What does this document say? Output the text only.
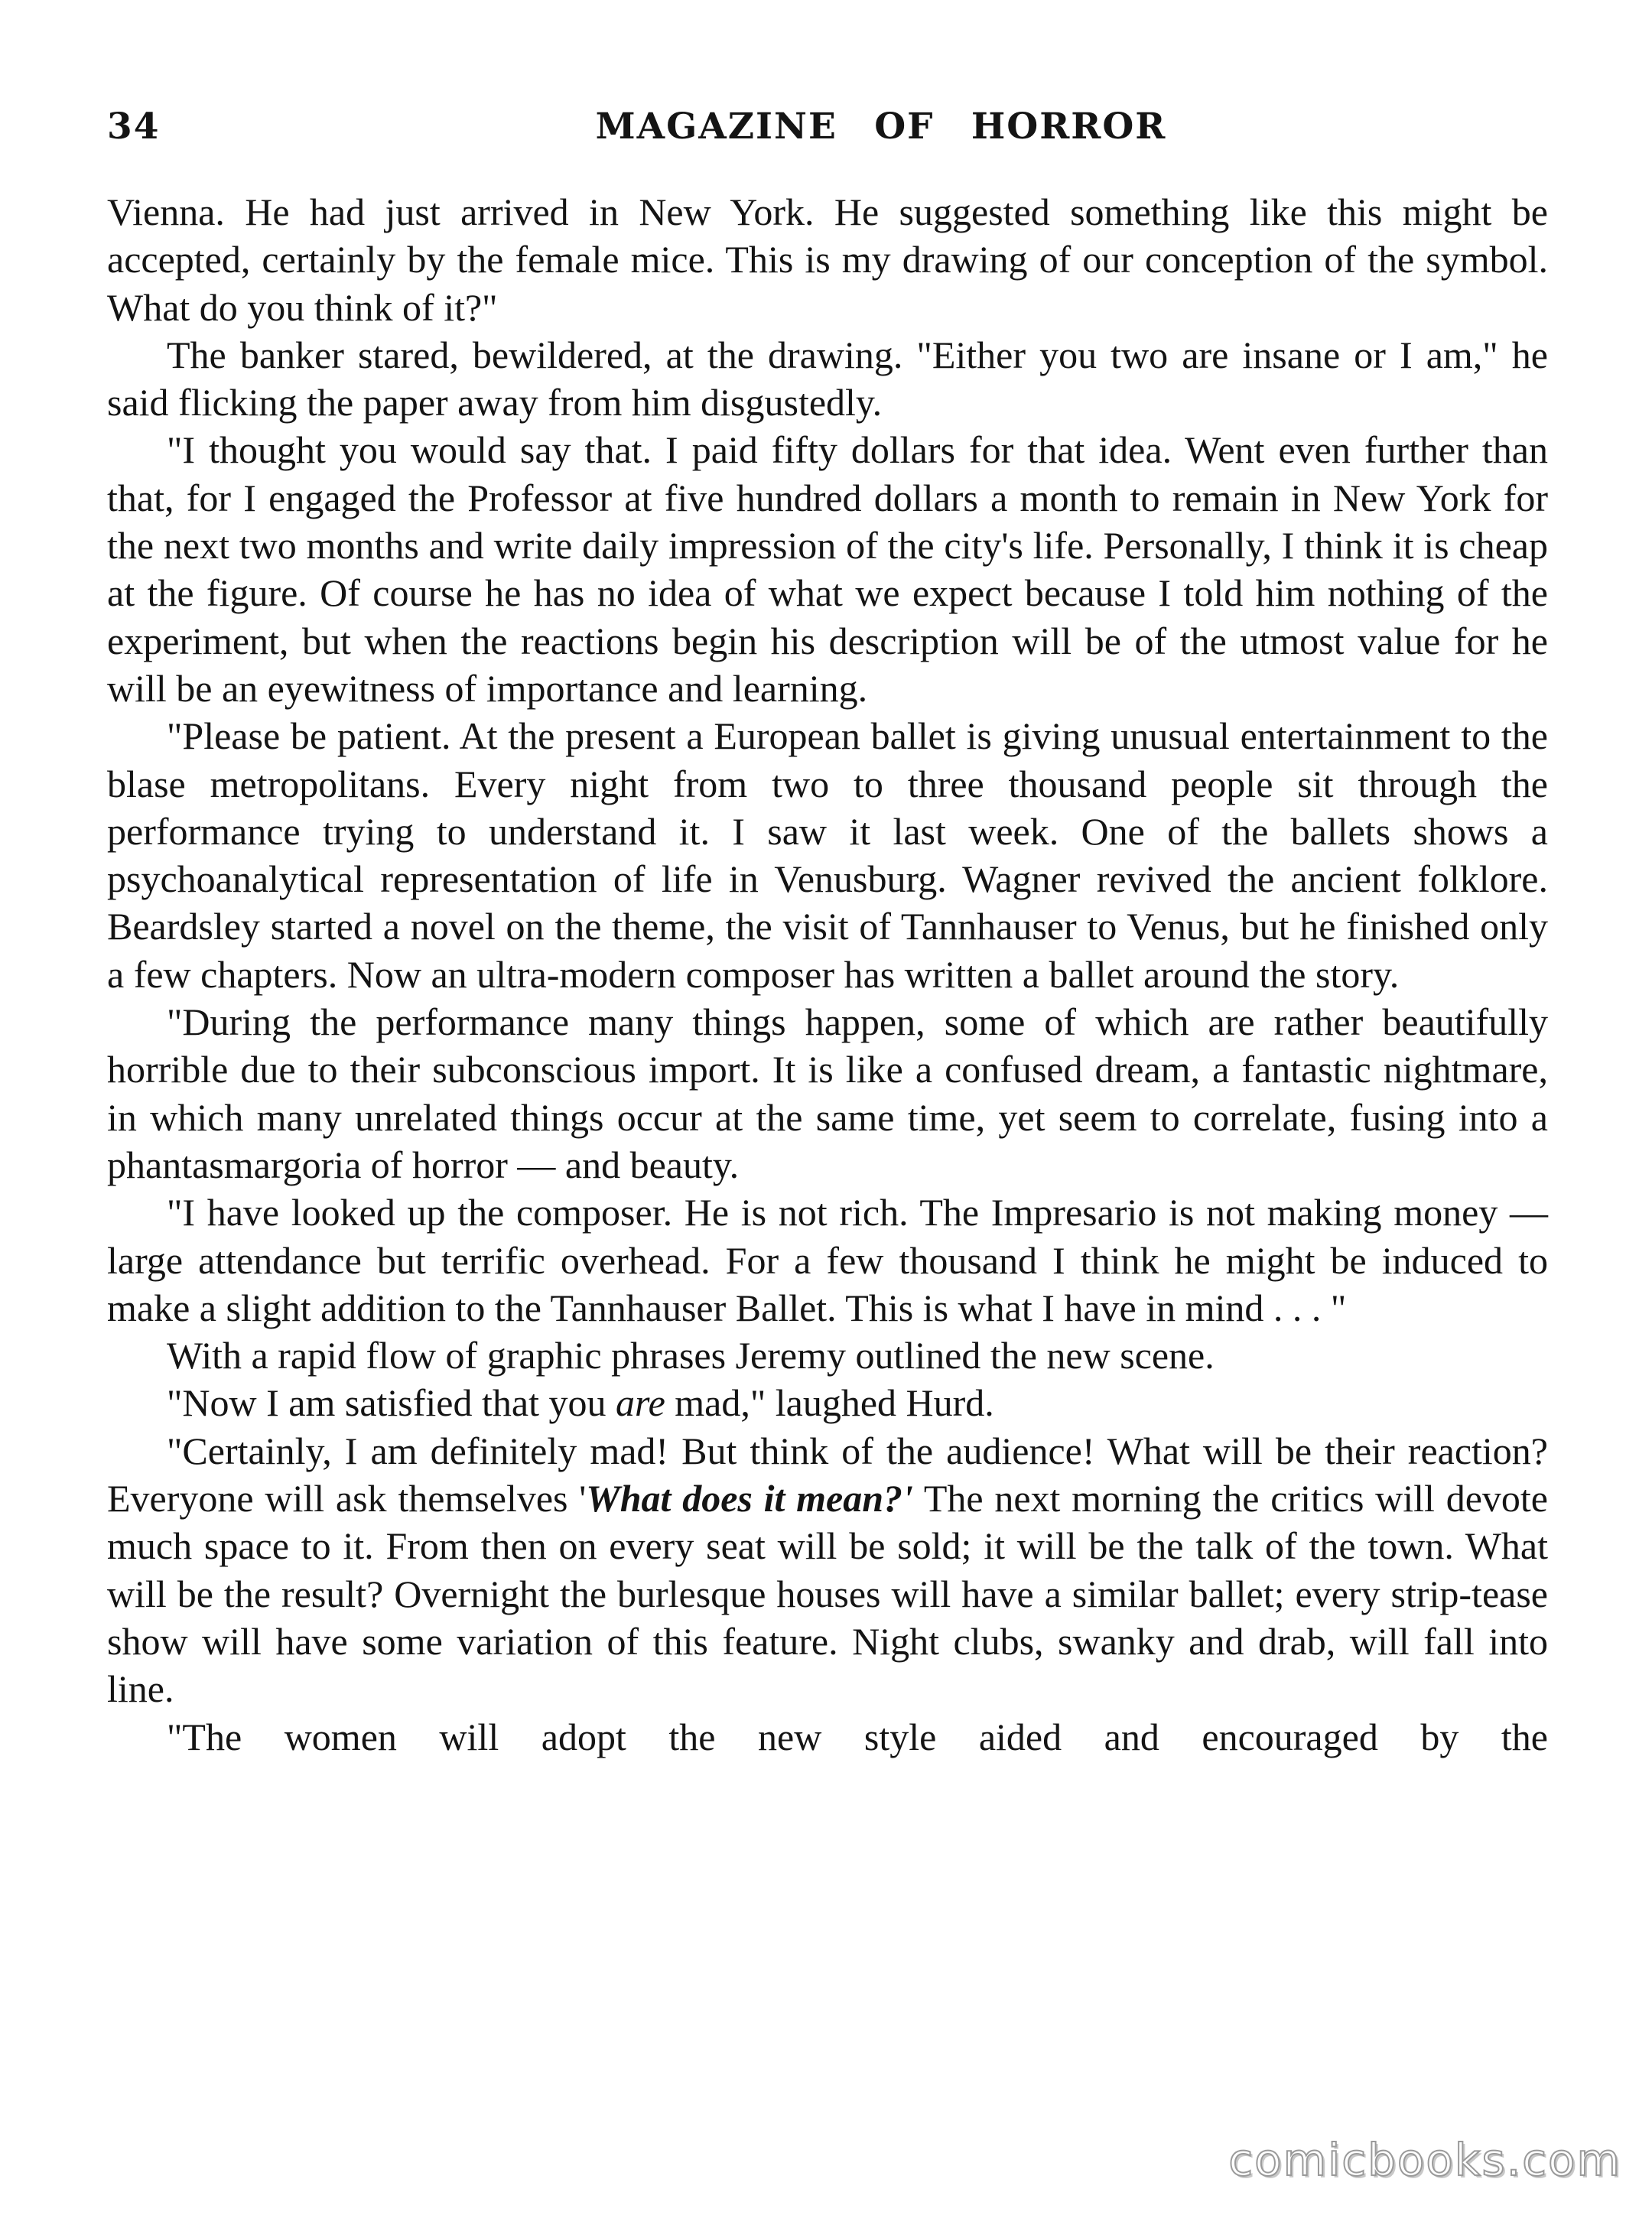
34	MAGAZINE OF HORROR

Vienna. He had just arrived in New York. He suggested something like this might be accepted, certainly by the female mice. This is my drawing of our conception of the symbol. What do you think of it?"

The banker stared, bewildered, at the drawing. "Either you two are insane or I am," he said flicking the paper away from him disgustedly.

"I thought you would say that. I paid fifty dollars for that idea. Went even further than that, for I engaged the Professor at five hundred dollars a month to remain in New York for the next two months and write daily impression of the city's life. Personally, I think it is cheap at the figure. Of course he has no idea of what we expect because I told him nothing of the experiment, but when the reactions begin his description will be of the utmost value for he will be an eyewitness of importance and learning.

"Please be patient. At the present a European ballet is giving unusual entertainment to the blase metropolitans. Every night from two to three thousand people sit through the performance trying to understand it. I saw it last week. One of the ballets shows a psychoanalytical representation of life in Venusburg. Wagner revived the ancient folklore. Beardsley started a novel on the theme, the visit of Tannhauser to Venus, but he finished only a few chapters. Now an ultra-modern composer has written a ballet around the story.

"During the performance many things happen, some of which are rather beautifully horrible due to their subconscious import. It is like a confused dream, a fantastic nightmare, in which many unrelated things occur at the same time, yet seem to correlate, fusing into a phantasmargoria of horror — and beauty.

"I have looked up the composer. He is not rich. The Impresario is not making money — large attendance but terrific overhead. For a few thousand I think he might be induced to make a slight addition to the Tannhauser Ballet. This is what I have in mind . . . "

With a rapid flow of graphic phrases Jeremy outlined the new scene.

"Now I am satisfied that you are mad," laughed Hurd.

"Certainly, I am definitely mad! But think of the audience! What will be their reaction? Everyone will ask themselves 'What does it mean?' The next morning the critics will devote much space to it. From then on every seat will be sold; it will be the talk of the town. What will be the result? Overnight the burlesque houses will have a similar ballet; every strip-tease show will have some variation of this feature. Night clubs, swanky and drab, will fall into line.

"The women will adopt the new style aided and encouraged by the

comicbooks.com
